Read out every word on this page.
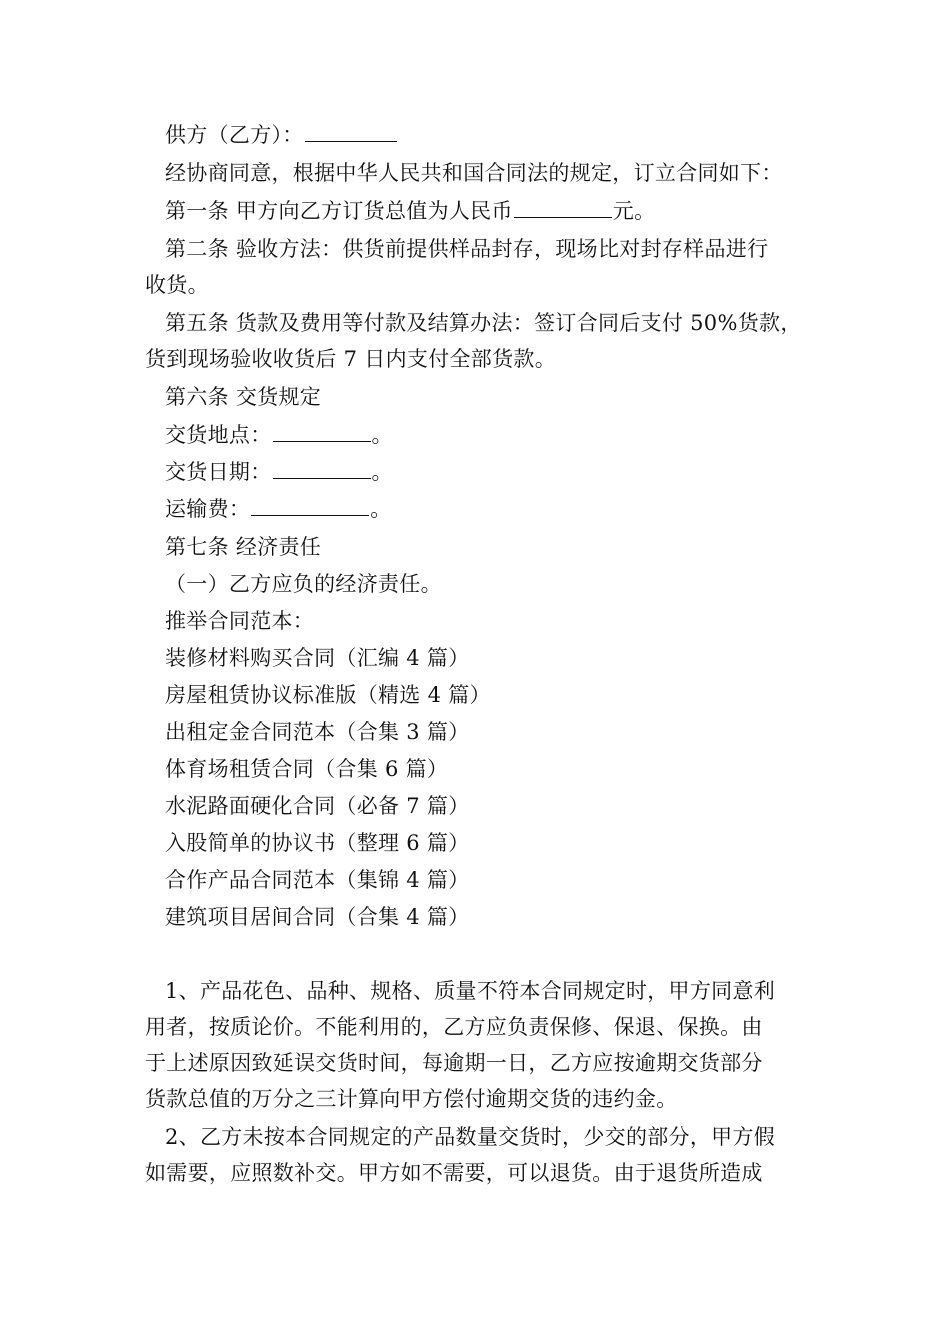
供方（乙方）：
经协商同意，根据中华人民共和国合同法的规定，订立合同如下：
第一条 甲方向乙方订货总值为人民币	元。
第二条 验收方法：供货前提供样品封存，现场比对封存样品进行
收货。
第五条 货款及费用等付款及结算办法：签订合同后支付 50%货款，
货到现场验收收货后 7 日内支付全部货款。
第六条 交货规定
交货地点：	。
交货日期：	。
运输费：	。
第七条 经济责任
（一）乙方应负的经济责任。
推举合同范本：
装修材料购买合同（汇编 4 篇）
房屋租赁协议标准版（精选 4 篇）
出租定金合同范本（合集 3 篇）
体育场租赁合同（合集 6 篇）
水泥路面硬化合同（必备 7 篇）
入股简单的协议书（整理 6 篇）
合作产品合同范本（集锦 4 篇）
建筑项目居间合同（合集 4 篇）
1、产品花色、品种、规格、质量不符本合同规定时，甲方同意利
用者，按质论价。不能利用的，乙方应负责保修、保退、保换。由
于上述原因致延误交货时间，每逾期一日，乙方应按逾期交货部分
货款总值的万分之三计算向甲方偿付逾期交货的违约金。
2、乙方未按本合同规定的产品数量交货时，少交的部分，甲方假
如需要，应照数补交。甲方如不需要，可以退货。由于退货所造成
